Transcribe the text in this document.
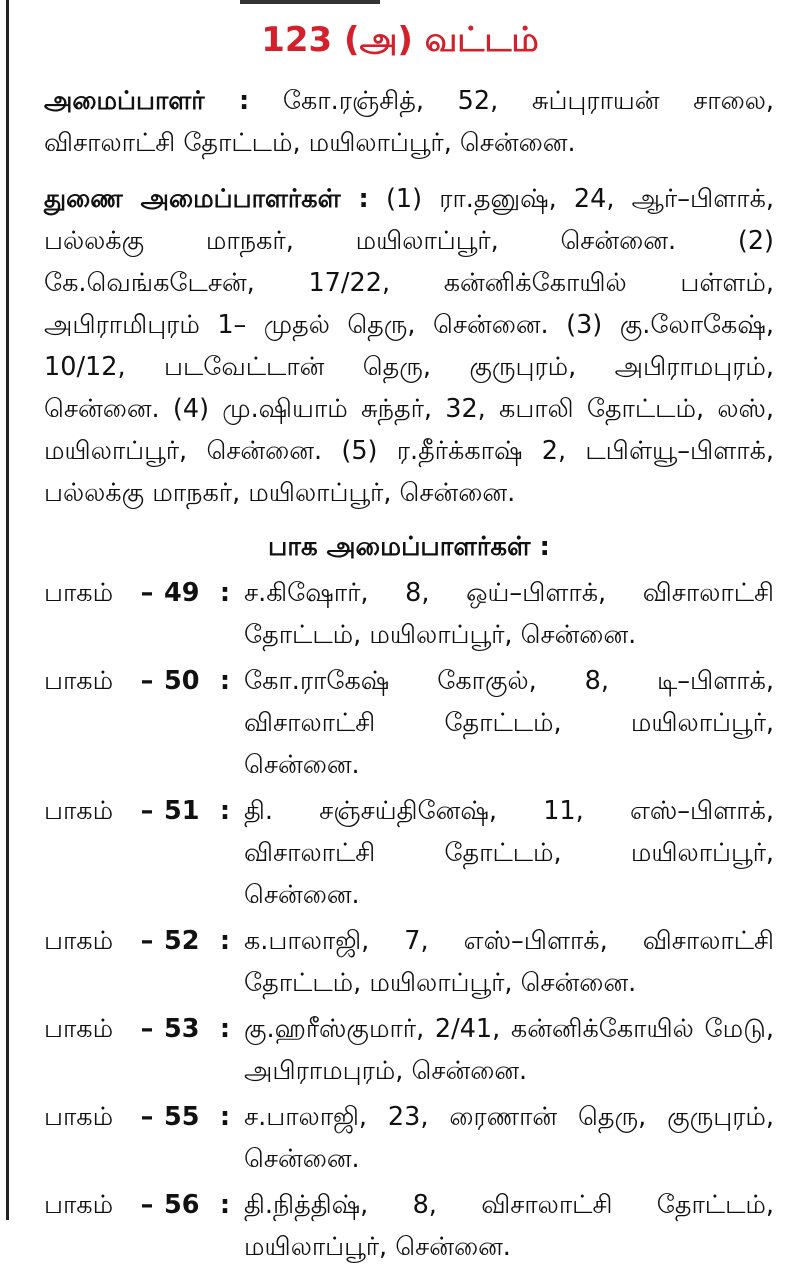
123 (அ) வட்டம்

அமைப்பாளர் : கோ.ரஞ்சித், 52, சுப்புராயன் சாலை, விசாலாட்சி தோட்டம், மயிலாப்பூர், சென்னை.

துணை அமைப்பாளர்கள் : (1) ரா.தனுஷ், 24, ஆர்–பிளாக், பல்லக்கு மாநகர், மயிலாப்பூர், சென்னை. (2) கே.வெங்கடேசன், 17/22, கன்னிக்கோயில் பள்ளம், அபிராமிபுரம் 1– முதல் தெரு, சென்னை. (3) கு.லோகேஷ், 10/12, படவேட்டான் தெரு, குருபுரம், அபிராமபுரம், சென்னை. (4) மு.ஷியாம் சுந்தர், 32, கபாலி தோட்டம், லஸ், மயிலாப்பூர், சென்னை. (5) ர.தீர்க்காஷ் 2, டபிள்யூ–பிளாக், பல்லக்கு மாநகர், மயிலாப்பூர், சென்னை.

பாக அமைப்பாளர்கள் :
பாகம்	– 49 : ச.கிஷோர், 8, ஒய்–பிளாக், விசாலாட்சி தோட்டம், மயிலாப்பூர், சென்னை.
பாகம்	– 50 : கோ.ராகேஷ் கோகுல், 8, டி–பிளாக், விசாலாட்சி தோட்டம், மயிலாப்பூர், சென்னை.
பாகம்	– 51 : தி. சஞ்சய்தினேஷ், 11, எஸ்–பிளாக், விசாலாட்சி தோட்டம், மயிலாப்பூர், சென்னை.
பாகம்	– 52 : க.பாலாஜி, 7, எஸ்–பிளாக், விசாலாட்சி தோட்டம், மயிலாப்பூர், சென்னை.
பாகம்	– 53 : கு.ஹரீஸ்குமார், 2/41, கன்னிக்கோயில் மேடு, அபிராமபுரம், சென்னை.
பாகம்	– 55 : ச.பாலாஜி, 23, ரைணான் தெரு, குருபுரம், சென்னை.
பாகம்	– 56 : தி.நித்திஷ், 8, விசாலாட்சி தோட்டம், மயிலாப்பூர், சென்னை.
